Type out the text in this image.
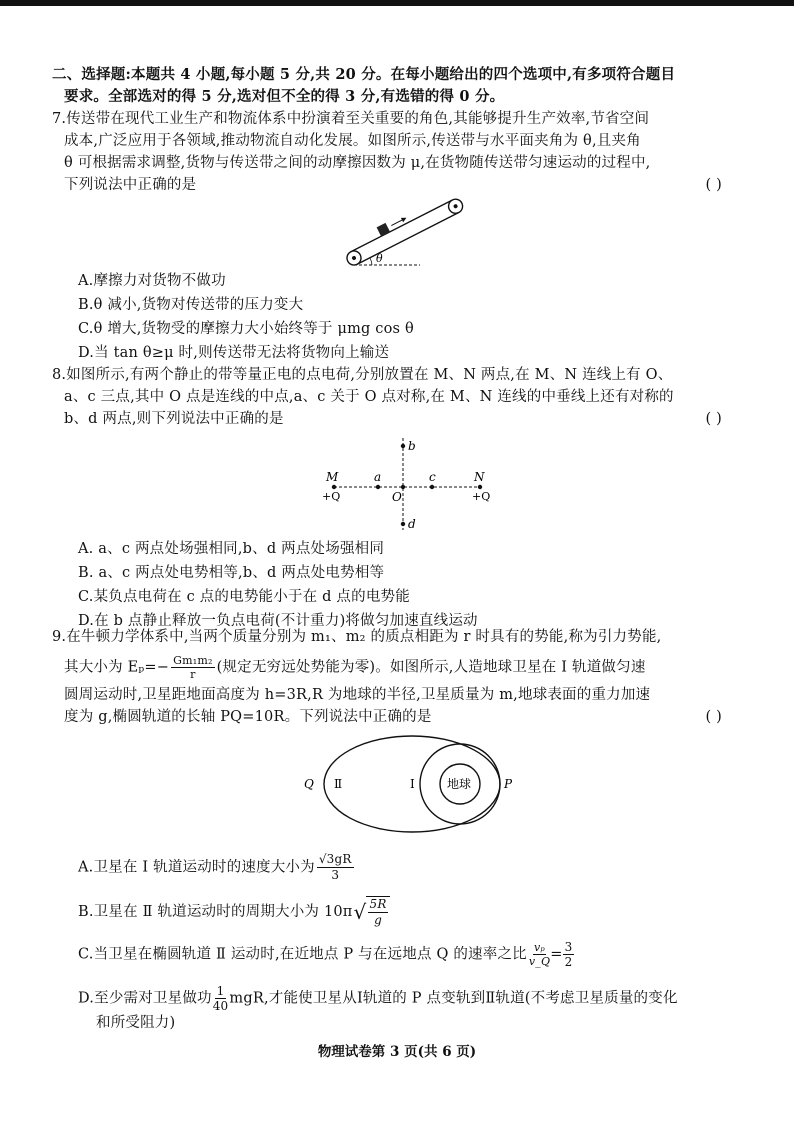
二、选择题:本题共 4 小题,每小题 5 分,共 20 分。在每小题给出的四个选项中,有多项符合题目
要求。全部选对的得 5 分,选对但不全的得 3 分,有选错的得 0 分。
7.传送带在现代工业生产和物流体系中扮演着至关重要的角色,其能够提升生产效率,节省空间
成本,广泛应用于各领域,推动物流自动化发展。如图所示,传送带与水平面夹角为 θ,且夹角
θ 可根据需求调整,货物与传送带之间的动摩擦因数为 μ,在货物随传送带匀速运动的过程中,
下列说法中正确的是	( )
θ
A.摩擦力对货物不做功
B.θ 减小,货物对传送带的压力变大
C.θ 增大,货物受的摩擦力大小始终等于 μmg cos θ
D.当 tan θ≥μ 时,则传送带无法将货物向上输送
8.如图所示,有两个静止的带等量正电的点电荷,分别放置在 M、N 两点,在 M、N 连线上有 O、
a、c 三点,其中 O 点是连线的中点,a、c 关于 O 点对称,在 M、N 连线的中垂线上还有对称的
b、d 两点,则下列说法中正确的是	( )
M	a
O
c	N
b
d
+Q	+Q
A. a、c 两点处场强相同,b、d 两点处场强相同
B. a、c 两点处电势相等,b、d 两点处电势相等
C.某负点电荷在 c 点的电势能小于在 d 点的电势能
D.在 b 点静止释放一负点电荷(不计重力)将做匀加速直线运动
9.在牛顿力学体系中,当两个质量分别为 m₁、m₂ 的质点相距为 r 时具有的势能,称为引力势能,
其大小为 $E_p=- \frac{\text{Gm₁m₂}}{r}$ (规定无穷远处势能为零)。如图所示,人造地球卫星在 Ⅰ 轨道做匀速
圆周运动时,卫星距地面高度为 h=3R,R 为地球的半径,卫星质量为 m,地球表面的重力加速
度为 g,椭圆轨道的长轴 PQ=10R。下列说法中正确的是	( )
地球
Q Ⅱ	Ⅰ	P
A.卫星在 Ⅰ 轨道运动时的速度大小为 $\frac{√3gR}{3}$
B.卫星在 Ⅱ 轨道运动时的周期大小为 10π √ 5R
g
C.当卫星在椭圆轨道 Ⅱ 运动时,在近地点 P 与在远地点 Q 的速率之比 $\frac{\text{vₚ}}{v\_Q} = \frac{3}{2}$
D.至少需对卫星做功 $\frac{1}{40}$ mgR,才能使卫星从Ⅰ轨道的 P 点变轨到Ⅱ轨道(不考虑卫星质量的变化
和所受阻力)
物理试卷第 3 页(共 6 页)
